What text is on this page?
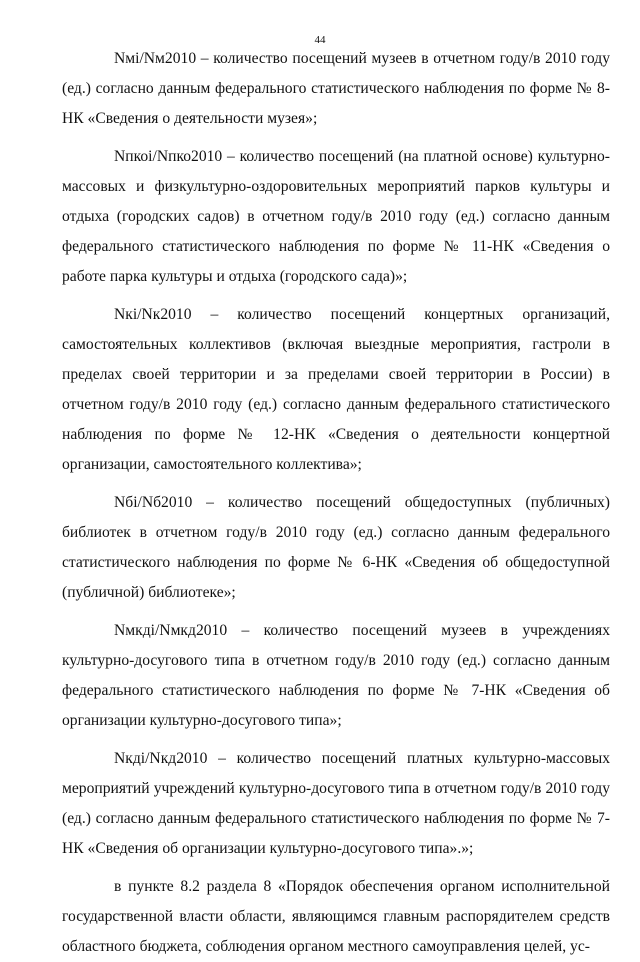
44

Nмi/Nм2010 – количество посещений музеев в отчетном году/в 2010 году (ед.) согласно данным федерального статистического наблюдения по форме № 8-НК «Сведения о деятельности музея»;

Nпкоi/Nпко2010 – количество посещений (на платной основе) культурно-массовых и физкультурно-оздоровительных мероприятий парков культуры и отдыха (городских садов) в отчетном году/в 2010 году (ед.) согласно данным федерального статистического наблюдения по форме № 11-НК «Сведения о работе парка культуры и отдыха (городского сада)»;

Nкi/Nк2010 – количество посещений концертных организаций, самостоятельных коллективов (включая выездные мероприятия, гастроли в пределах своей территории и за пределами своей территории в России) в отчетном году/в 2010 году (ед.) согласно данным федерального статистического наблюдения по форме № 12-НК «Сведения о деятельности концертной организации, самостоятельного коллектива»;

Nбi/Nб2010 – количество посещений общедоступных (публичных) библиотек в отчетном году/в 2010 году (ед.) согласно данным федерального статистического наблюдения по форме № 6-НК «Сведения об общедоступной (публичной) библиотеке»;

Nмкдi/Nмкд2010 – количество посещений музеев в учреждениях культурно-досугового типа в отчетном году/в 2010 году (ед.) согласно данным федерального статистического наблюдения по форме № 7-НК «Сведения об организации культурно-досугового типа»;

Nкдi/Nкд2010 – количество посещений платных культурно-массовых мероприятий учреждений культурно-досугового типа в отчетном году/в 2010 году (ед.) согласно данным федерального статистического наблюдения по форме № 7-НК «Сведения об организации культурно-досугового типа».»;

в пункте 8.2 раздела 8 «Порядок обеспечения органом исполнительной государственной власти области, являющимся главным распорядителем средств областного бюджета, соблюдения органом местного самоуправления целей, ус-
